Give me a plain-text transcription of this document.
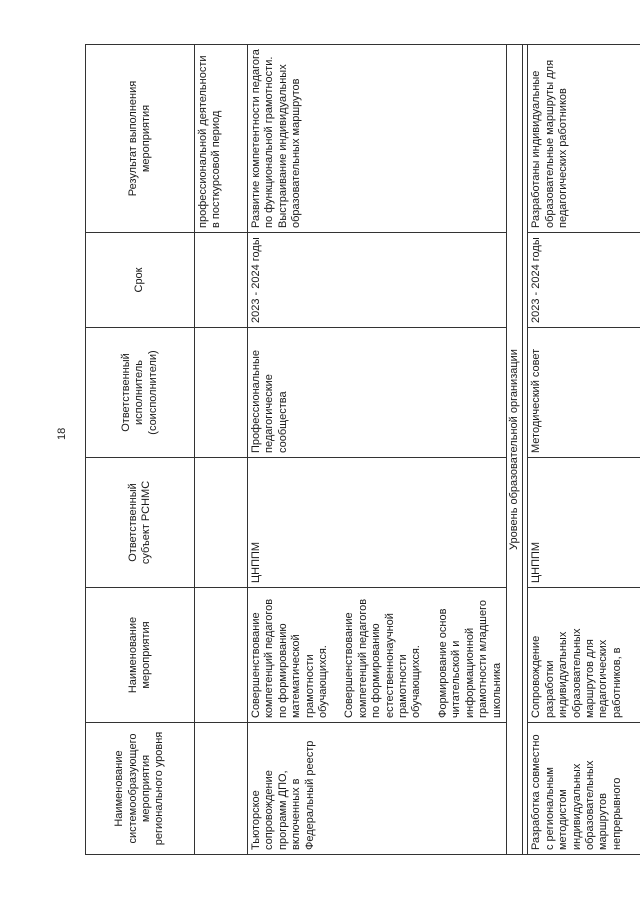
18
Наименование системообразующего мероприятия регионального уровня	Наименование мероприятия	Ответственный субъект РСНМС	Ответственный исполнитель (соисполнители)	Срок	Результат выполнения мероприятия
					профессиональной деятельности в посткурсовой период
Тьюторское сопровождение программ ДПО, включенных в Федеральный реестр	Совершенствование компетенций педагогов по формированию математической грамотности обучающихся. Совершенствование компетенций педагогов по формированию естественнонаучной грамотности обучающихся. Формирование основ читательской и информационной грамотности младшего школьника	ЦНППМ	Профессиональные педагогические сообщества	2023 - 2024 годы	Развитие компетентности педагога по функциональной грамотности. Выстраивание индивидуальных образовательных маршрутов
Уровень образовательной организации					

Разработка совместно с региональным методистом индивидуальных образовательных маршрутов непрерывного	Сопровождение разработки индивидуальных образовательных маршрутов для педагогических работников, в	ЦНППМ	Методический совет	2023 - 2024 годы	Разработаны индивидуальные образовательные маршруты для педагогических работников
